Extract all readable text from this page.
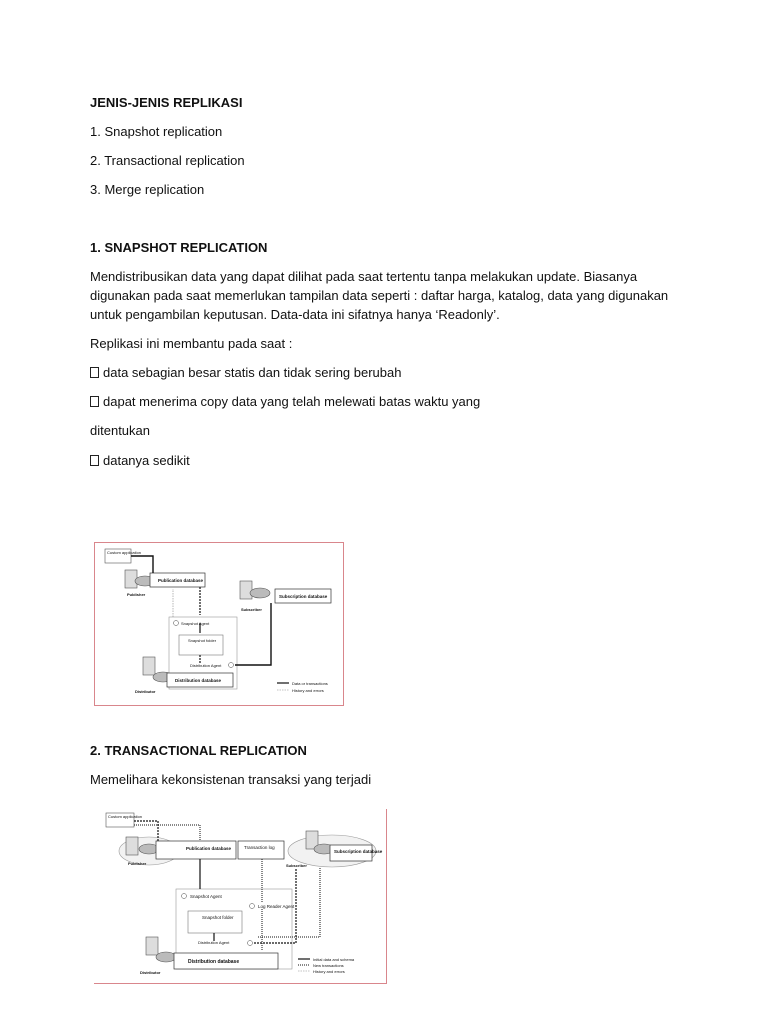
JENIS-JENIS REPLIKASI
1. Snapshot replication
2. Transactional replication
3. Merge replication
1. SNAPSHOT REPLICATION
Mendistribusikan data yang dapat dilihat pada saat tertentu tanpa melakukan update. Biasanya digunakan pada saat memerlukan tampilan data seperti : daftar harga, katalog, data yang digunakan untuk pengambilan keputusan. Data-data ini sifatnya hanya ‘Readonly’.
Replikasi ini membantu pada saat :
data sebagian besar statis dan tidak sering berubah
dapat menerima copy data yang telah melewati batas waktu yang
ditentukan
datanya sedikit
Custom application
Publication database
Publisher	Subscription database
Subscriber
Snapshot Agent
Snapshot folder
Distribution Agent
Distribution database
Distributor
Data or transactions
History and errors
2. TRANSACTIONAL REPLICATION
Memelihara kekonsistenan transaksi yang terjadi
Custom application
Publication database	Transaction log
Publisher
Subscription database
Subscriber
Snapshot Agent
Log Reader Agent
Snapshot folder
Distribution Agent
Distribution database
Distributor
Initial data and schema
New transactions
History and errors
